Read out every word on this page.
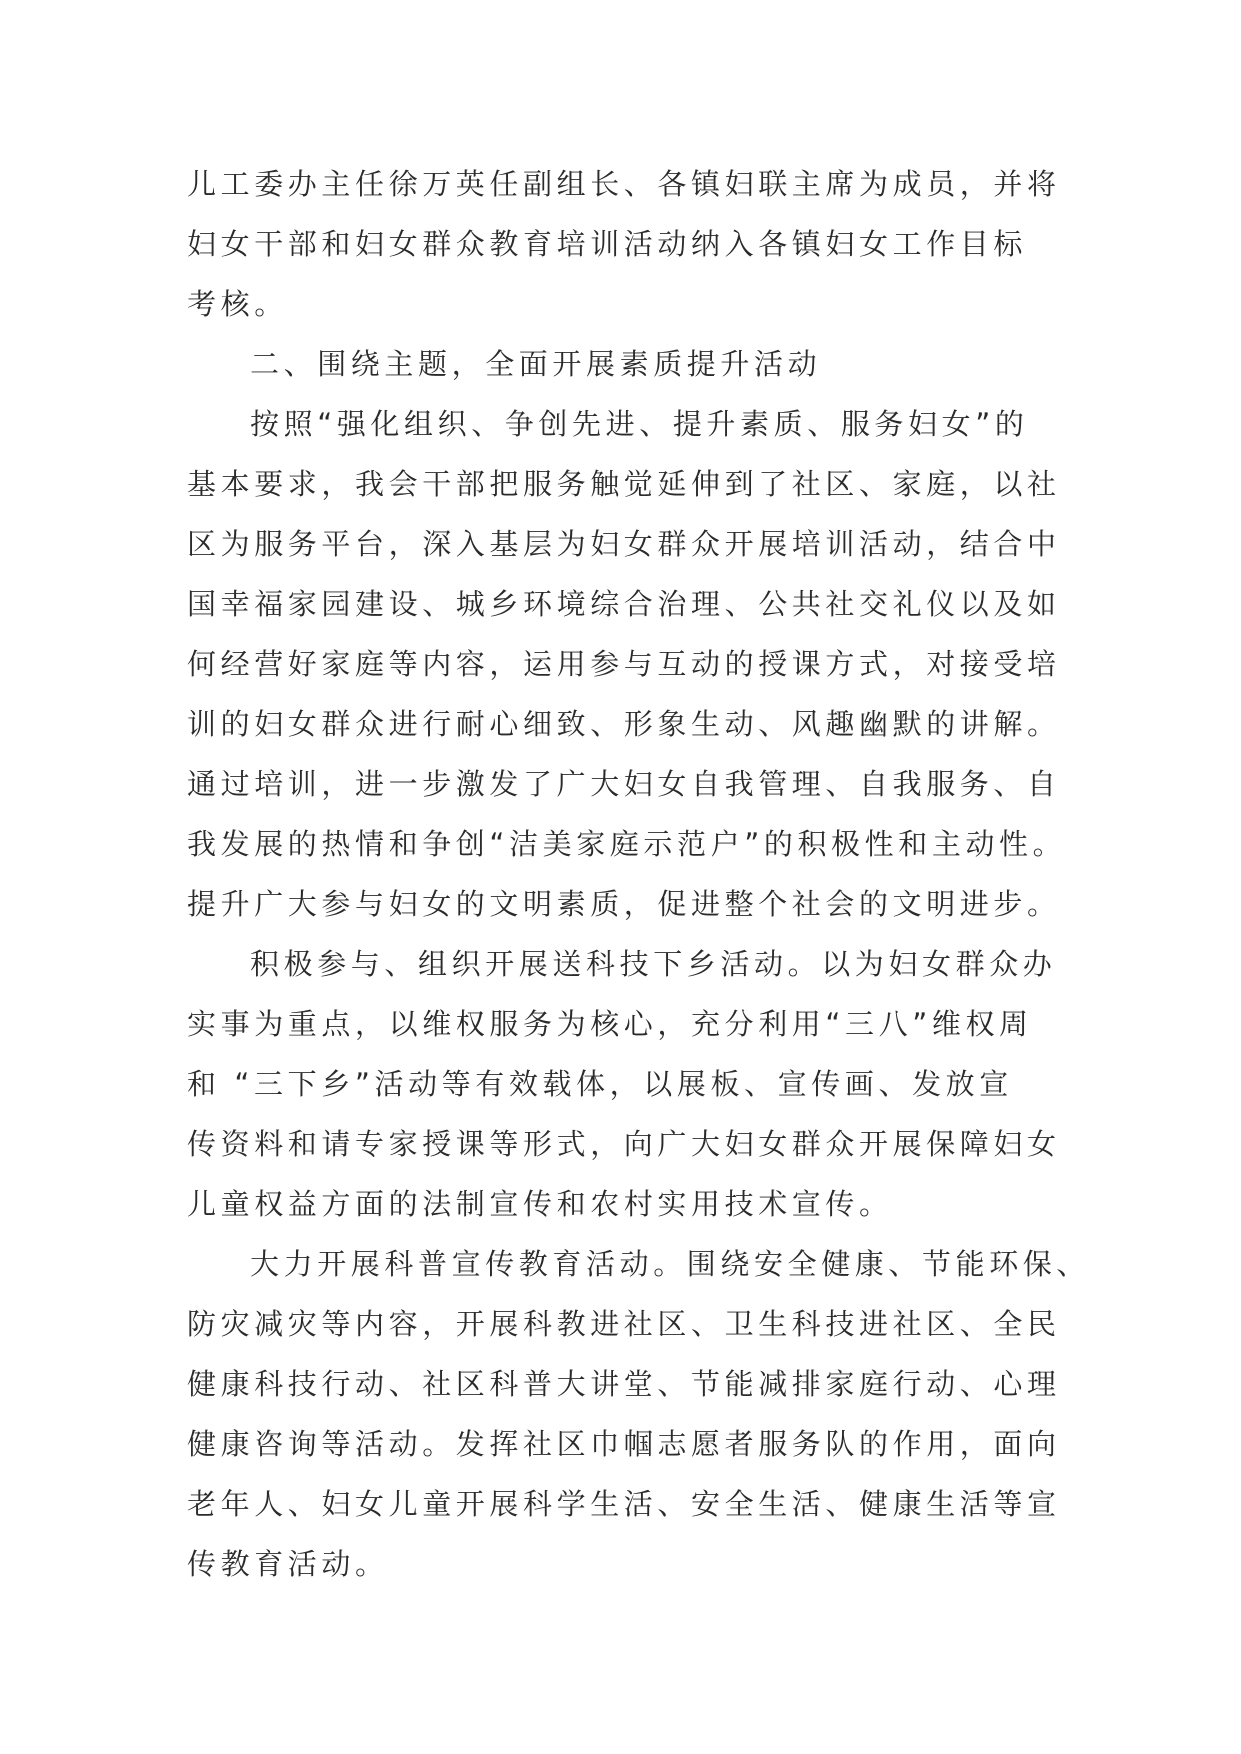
儿工委办主任徐万英任副组长、各镇妇联主席为成员，并将
妇女干部和妇女群众教育培训活动纳入各镇妇女工作目标
考核。
二、围绕主题，全面开展素质提升活动
按照“强化组织、争创先进、提升素质、服务妇女”的
基本要求，我会干部把服务触觉延伸到了社区、家庭，以社
区为服务平台，深入基层为妇女群众开展培训活动，结合中
国幸福家园建设、城乡环境综合治理、公共社交礼仪以及如
何经营好家庭等内容，运用参与互动的授课方式，对接受培
训的妇女群众进行耐心细致、形象生动、风趣幽默的讲解。
通过培训，进一步激发了广大妇女自我管理、自我服务、自
我发展的热情和争创“洁美家庭示范户”的积极性和主动性。
提升广大参与妇女的文明素质，促进整个社会的文明进步。
积极参与、组织开展送科技下乡活动。以为妇女群众办
实事为重点，以维权服务为核心，充分利用“三八”维权周
和 “三下乡”活动等有效载体，以展板、宣传画、发放宣
传资料和请专家授课等形式，向广大妇女群众开展保障妇女
儿童权益方面的法制宣传和农村实用技术宣传。
大力开展科普宣传教育活动。围绕安全健康、节能环保、
防灾减灾等内容，开展科教进社区、卫生科技进社区、全民
健康科技行动、社区科普大讲堂、节能减排家庭行动、心理
健康咨询等活动。发挥社区巾帼志愿者服务队的作用，面向
老年人、妇女儿童开展科学生活、安全生活、健康生活等宣
传教育活动。
